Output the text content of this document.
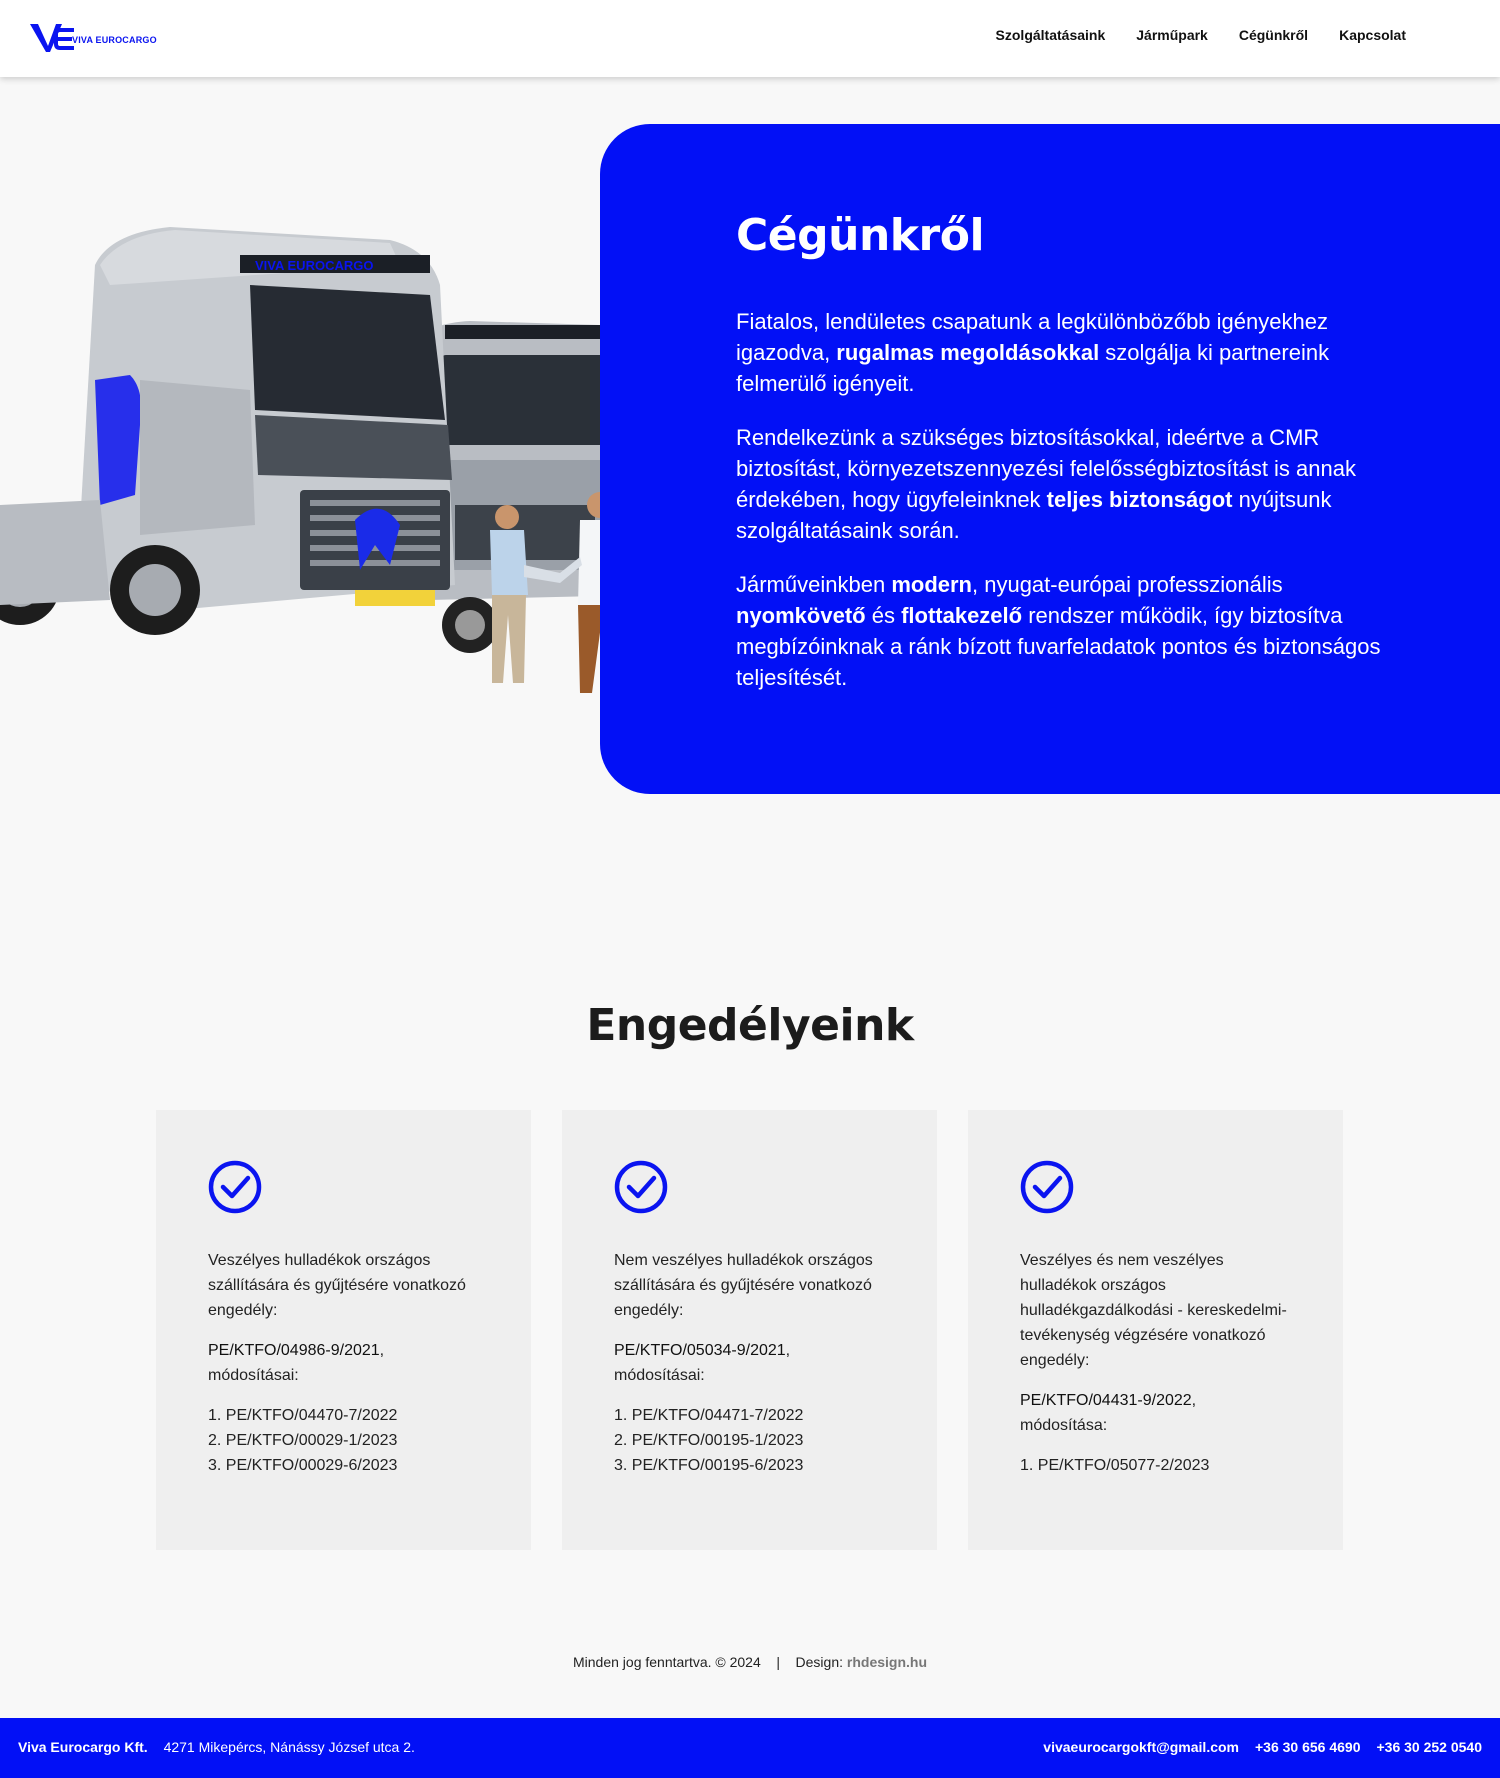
VIVA EUROCARGO	Szolgáltatásaink Járműpark Cégünkről Kapcsolat
VIVA EUROCARGO
Cégünkről

Fiatalos, lendületes csapatunk a legkülönbözőbb igényekhez igazodva, rugalmas megoldásokkal szolgálja ki partnereink felmerülő igényeit.

Rendelkezünk a szükséges biztosításokkal, ideértve a CMR biztosítást, környezetszennyezési felelősségbiztosítást is annak érdekében, hogy ügyfeleinknek teljes biztonságot nyújtsunk szolgáltatásaink során.

Járműveinkben modern, nyugat-európai professzionális nyomkövető és flottakezelő rendszer működik, így biztosítva megbízóinknak a ránk bízott fuvarfeladatok pontos és biztonságos teljesítését.

Engedélyeink

Veszélyes hulladékok országos szállítására és gyűjtésére vonatkozó engedély:

PE/KTFO/04986-9/2021,
módosításai:

1. PE/KTFO/04470-7/2022
2. PE/KTFO/00029-1/2023
3. PE/KTFO/00029-6/2023

Nem veszélyes hulladékok országos szállítására és gyűjtésére vonatkozó engedély:

PE/KTFO/05034-9/2021,
módosításai:

1. PE/KTFO/04471-7/2022
2. PE/KTFO/00195-1/2023
3. PE/KTFO/00195-6/2023

Veszélyes és nem veszélyes hulladékok országos hulladékgazdálkodási - kereskedelmi- tevékenység végzésére vonatkozó engedély:

PE/KTFO/04431-9/2022,
módosítása:

1. PE/KTFO/05077-2/2023
Minden jog fenntartva. © 2024 | Design: rhdesign.hu
Viva Eurocargo Kft. 4271 Mikepércs, Nánássy József utca 2.	vivaeurocargokft@gmail.com +36 30 656 4690 +36 30 252 0540
